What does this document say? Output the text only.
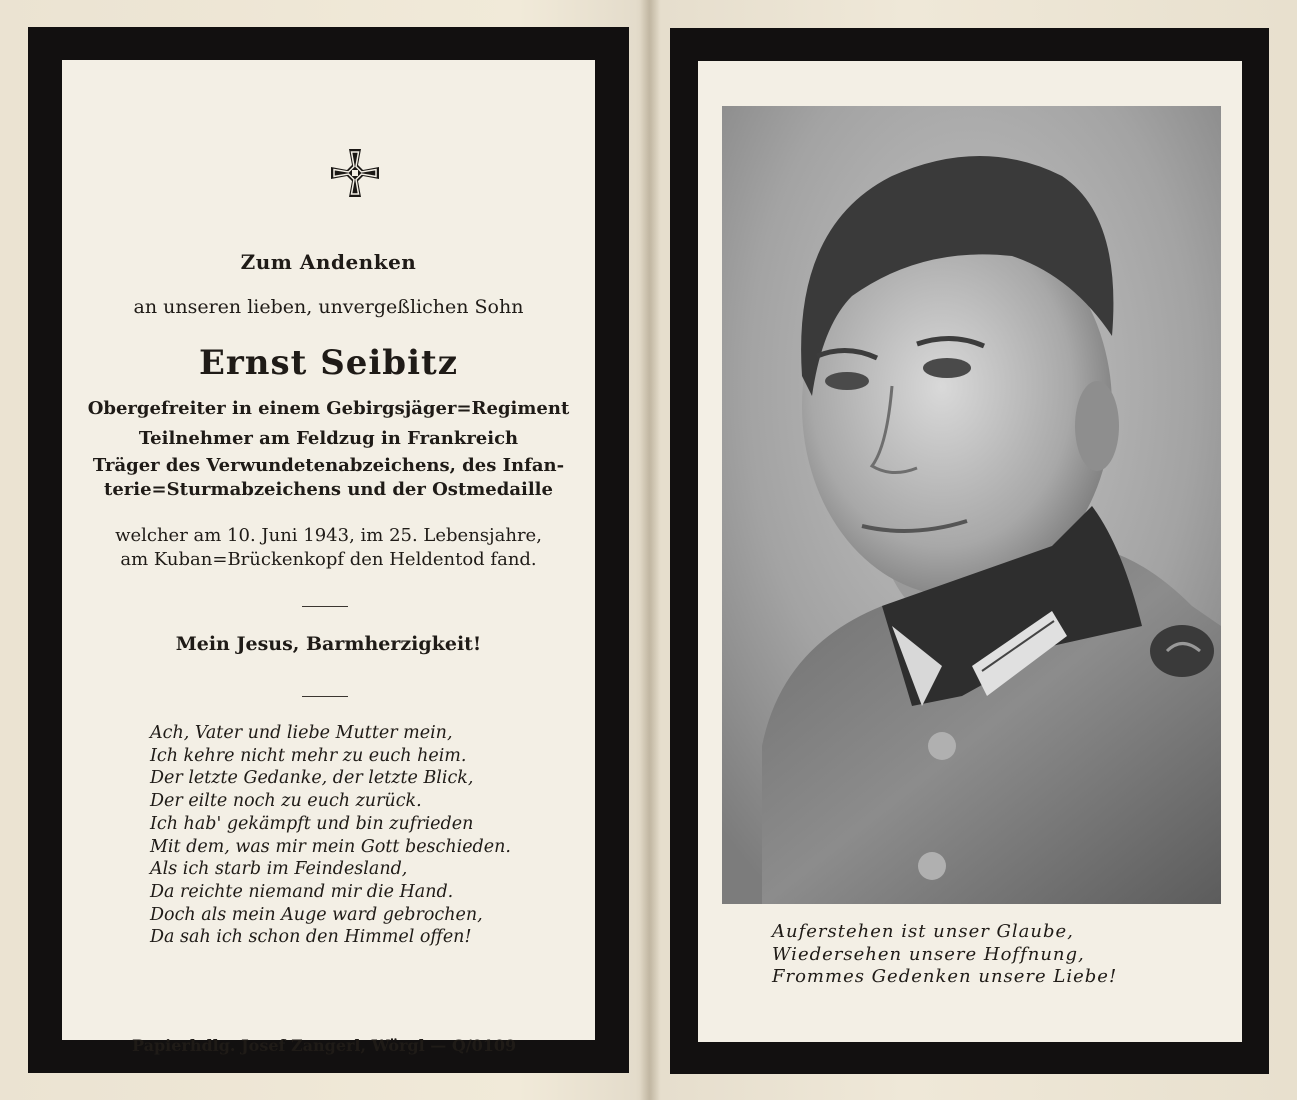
Zum Andenken
an unseren lieben, unvergeßlichen Sohn
Ernst Seibitz
Obergefreiter in einem Gebirgsjäger=Regiment
Teilnehmer am Feldzug in Frankreich
Träger des Verwundetenabzeichens, des Infan-
terie=Sturmabzeichens und der Ostmedaille
welcher am 10. Juni 1943, im 25. Lebensjahre,
am Kuban=Brückenkopf den Heldentod fand.
Mein Jesus, Barmherzigkeit!
Ach, Vater und liebe Mutter mein,
Ich kehre nicht mehr zu euch heim.
Der letzte Gedanke, der letzte Blick,
Der eilte noch zu euch zurück.
Ich hab' gekämpft und bin zufrieden
Mit dem, was mir mein Gott beschieden.
Als ich starb im Feindesland,
Da reichte niemand mir die Hand.
Doch als mein Auge ward gebrochen,
Da sah ich schon den Himmel offen!
Papierhdlg. Josef Zangerl, Wörgl — Q/0109
Auferstehen ist unser Glaube,
Wiedersehen unsere Hoffnung,
Frommes Gedenken unsere Liebe!
